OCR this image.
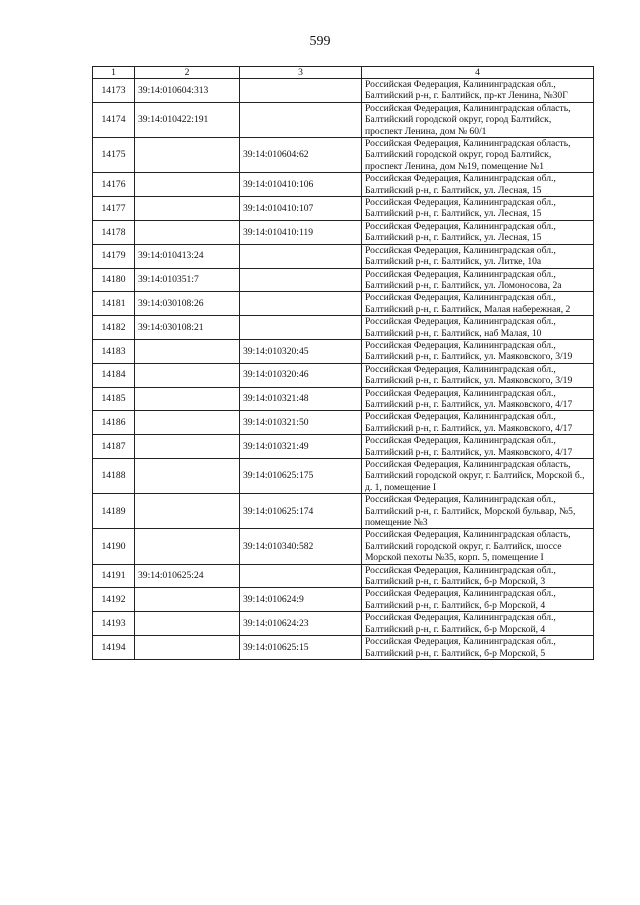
599
1	2	3	4
14173	39:14:010604:313		Российская Федерация, Калининградская обл., Балтийский р-н, г. Балтийск, пр-кт Ленина, №30Г
14174	39:14:010422:191		Российская Федерация, Калининградская область, Балтийский городской округ, город Балтийск, проспект Ленина, дом № 60/1
14175		39:14:010604:62	Российская Федерация, Калининградская область, Балтийский городской округ, город Балтийск, проспект Ленина, дом №19, помещение №1
14176		39:14:010410:106	Российская Федерация, Калининградская обл., Балтийский р-н, г. Балтийск, ул. Лесная, 15
14177		39:14:010410:107	Российская Федерация, Калининградская обл., Балтийский р-н, г. Балтийск, ул. Лесная, 15
14178		39:14:010410:119	Российская Федерация, Калининградская обл., Балтийский р-н, г. Балтийск, ул. Лесная, 15
14179	39:14:010413:24		Российская Федерация, Калининградская обл., Балтийский р-н, г. Балтийск, ул. Литке, 10а
14180	39:14:010351:7		Российская Федерация, Калининградская обл., Балтийский р-н, г. Балтийск, ул. Ломоносова, 2а
14181	39:14:030108:26		Российская Федерация, Калининградская обл., Балтийский р-н, г. Балтийск, Малая набережная, 2
14182	39:14:030108:21		Российская Федерация, Калининградская обл., Балтийский р-н, г. Балтийск, наб Малая, 10
14183		39:14:010320:45	Российская Федерация, Калининградская обл., Балтийский р-н, г. Балтийск, ул. Маяковского, 3/19
14184		39:14:010320:46	Российская Федерация, Калининградская обл., Балтийский р-н, г. Балтийск, ул. Маяковского, 3/19
14185		39:14:010321:48	Российская Федерация, Калининградская обл., Балтийский р-н, г. Балтийск, ул. Маяковского, 4/17
14186		39:14:010321:50	Российская Федерация, Калининградская обл., Балтийский р-н, г. Балтийск, ул. Маяковского, 4/17
14187		39:14:010321:49	Российская Федерация, Калининградская обл., Балтийский р-н, г. Балтийск, ул. Маяковского, 4/17
14188		39:14:010625:175	Российская Федерация, Калининградская область, Балтийский городской округ, г. Балтийск, Морской б., д. 1, помещение I
14189		39:14:010625:174	Российская Федерация, Калининградская обл., Балтийский р-н, г. Балтийск, Морской бульвар, №5, помещение №3
14190		39:14:010340:582	Российская Федерация, Калининградская область, Балтийский городской округ, г. Балтийск, шоссе Морской пехоты №35, корп. 5, помещение I
14191	39:14:010625:24		Российская Федерация, Калининградская обл., Балтийский р-н, г. Балтийск, б-р Морской, 3
14192		39:14:010624:9	Российская Федерация, Калининградская обл., Балтийский р-н, г. Балтийск, б-р Морской, 4
14193		39:14:010624:23	Российская Федерация, Калининградская обл., Балтийский р-н, г. Балтийск, б-р Морской, 4
14194		39:14:010625:15	Российская Федерация, Калининградская обл., Балтийский р-н, г. Балтийск, б-р Морской, 5
